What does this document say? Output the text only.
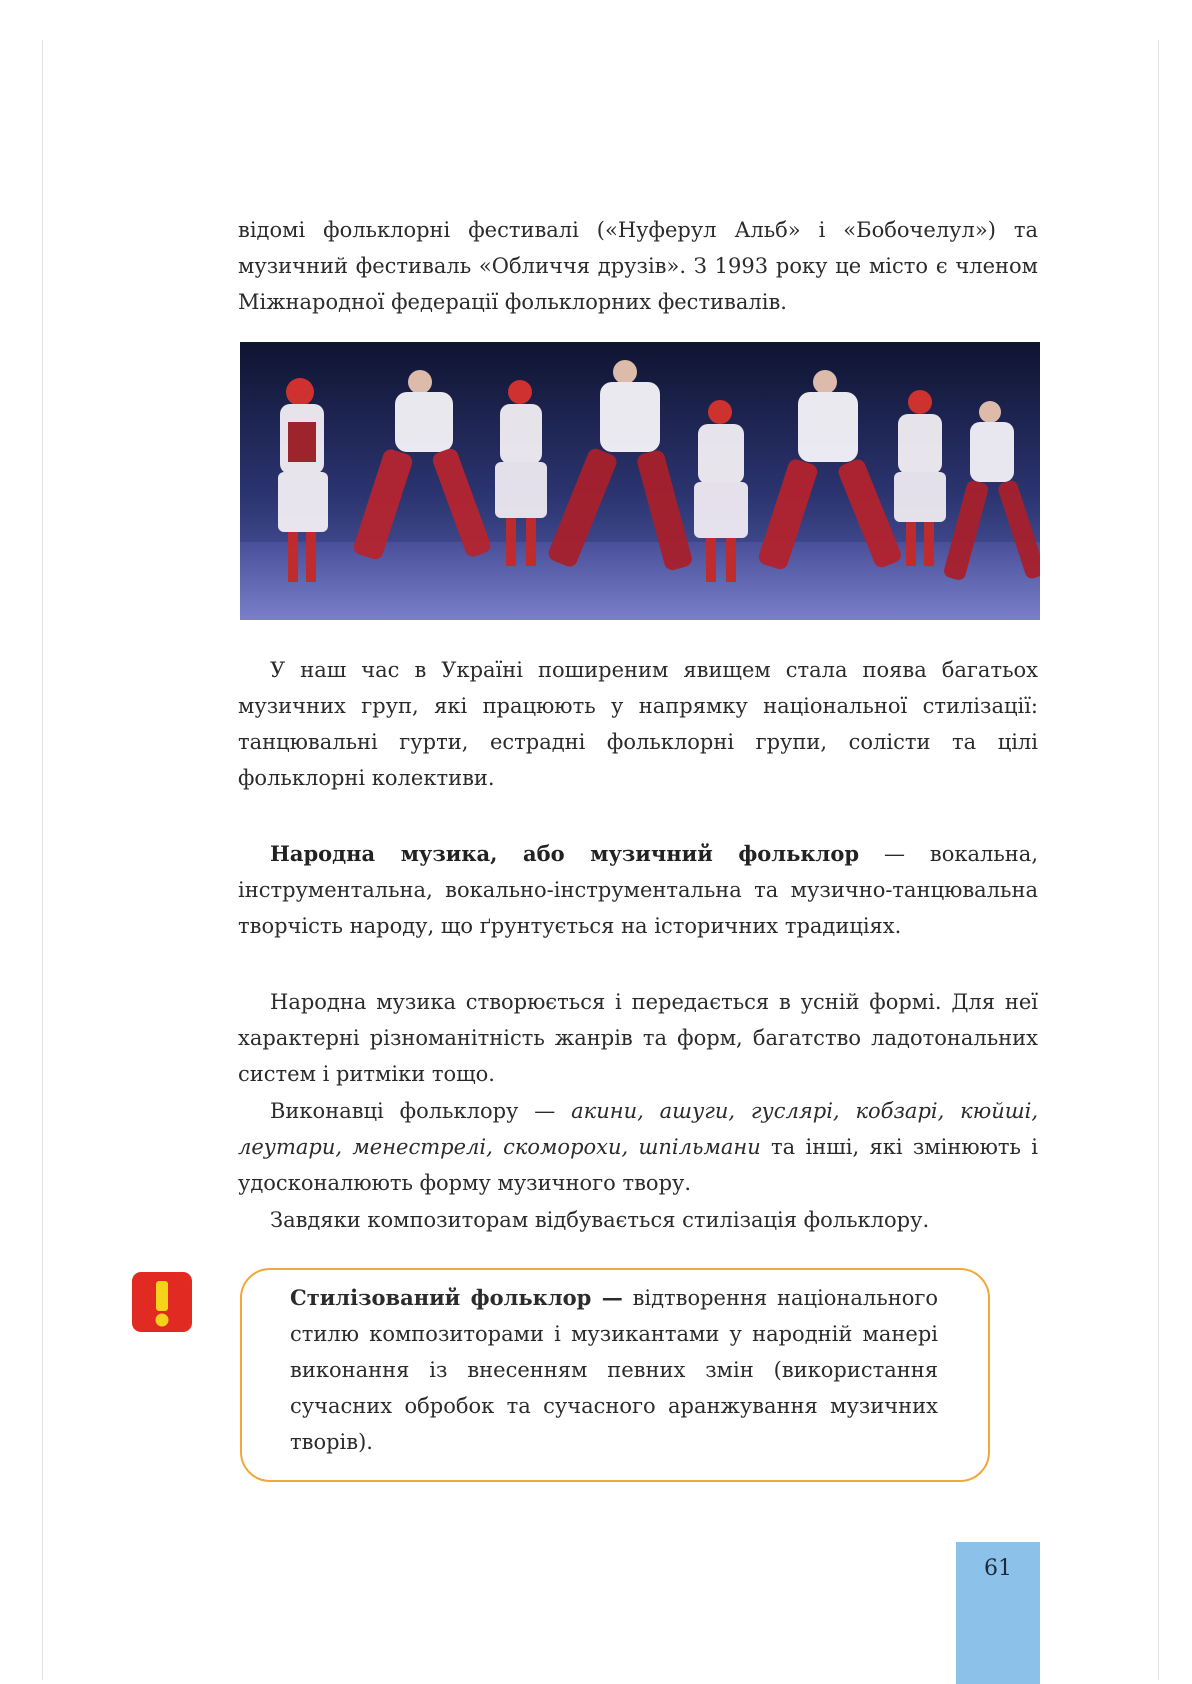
відомі фольклорні фестивалі («Нуферул Альб» і «Бобочелул») та музичний фестиваль «Обличчя друзів». З 1993 року це місто є членом Міжнародної федерації фольклорних фестивалів.

У наш час в Україні поширеним явищем стала поява багатьох музичних груп, які працюють у напрямку національної стилізації: танцювальні гурти, естрадні фольклорні групи, солісти та цілі фольклорні колективи.

Народна музика, або музичний фольклор — вокальна, інструментальна, вокально-інструментальна та музично-танцювальна творчість народу, що ґрунтується на історичних традиціях.

Народна музика створюється і передається в усній формі. Для неї характерні різноманітність жанрів та форм, багатство ладотональних систем і ритміки тощо.

Виконавці фольклору — акини, ашуги, гуслярі, кобзарі, кюйші, леутари, менестрелі, скоморохи, шпільмани та інші, які змінюють і удосконалюють форму музичного твору.

Завдяки композиторам відбувається стилізація фольклору.

Стилізований фольклор — відтворення національного стилю композиторами і музикантами у народній манері виконання із внесенням певних змін (використання сучасних обробок та сучасного аранжування музичних творів).

61
